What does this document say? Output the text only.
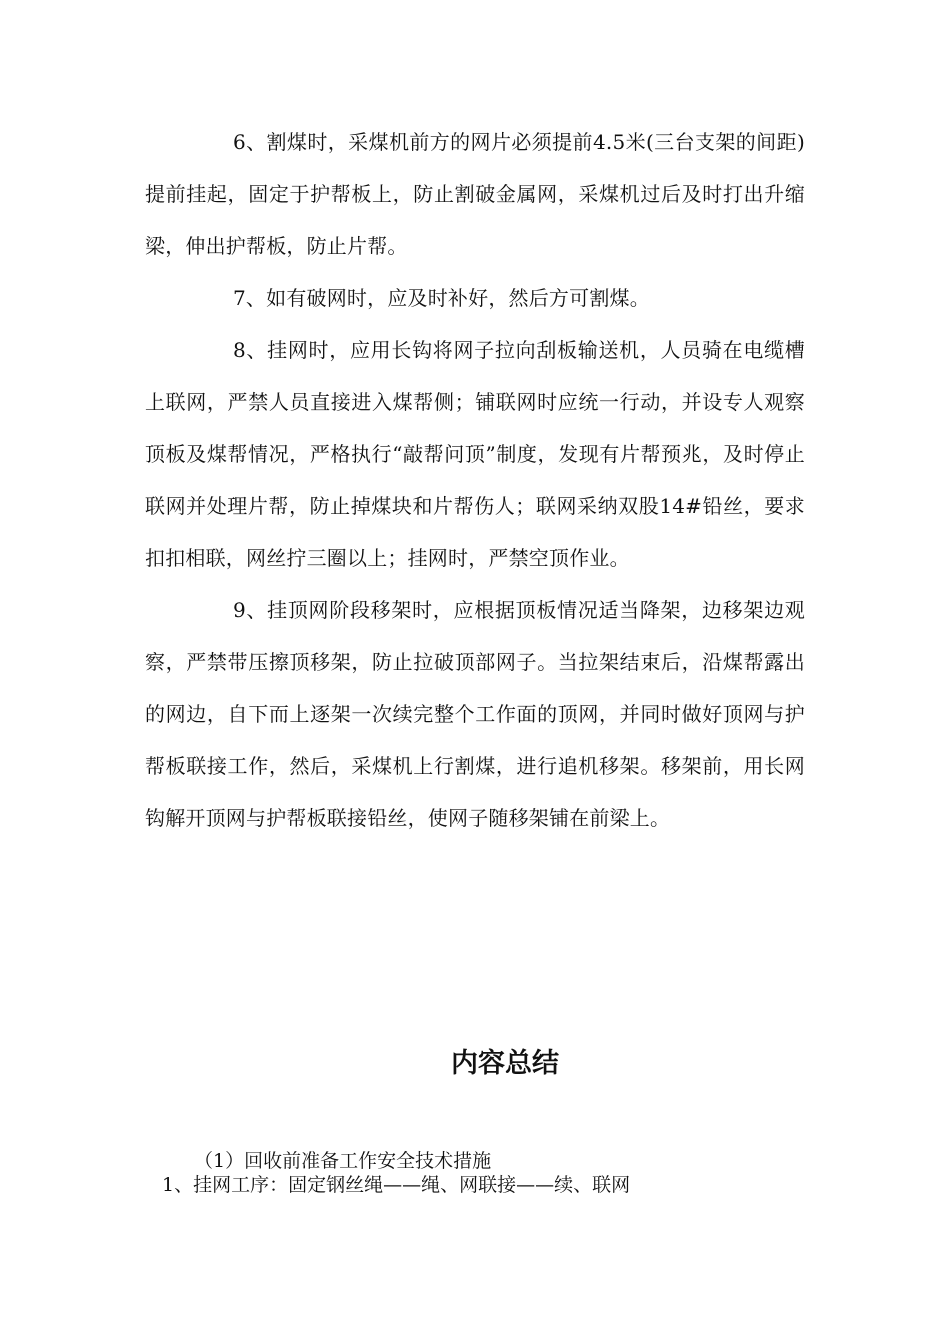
6、割煤时，采煤机前方的网片必须提前4.5米(三台支架的间距)提前挂起，固定于护帮板上，防止割破金属网，采煤机过后及时打出升缩梁，伸出护帮板，防止片帮。

7、如有破网时，应及时补好，然后方可割煤。

8、挂网时，应用长钩将网子拉向刮板输送机，人员骑在电缆槽上联网，严禁人员直接进入煤帮侧；铺联网时应统一行动，并设专人观察顶板及煤帮情况，严格执行“敲帮问顶”制度，发现有片帮预兆，及时停止联网并处理片帮，防止掉煤块和片帮伤人；联网采纳双股14#铅丝，要求扣扣相联，网丝拧三圈以上；挂网时，严禁空顶作业。

9、挂顶网阶段移架时，应根据顶板情况适当降架，边移架边观察，严禁带压擦顶移架，防止拉破顶部网子。当拉架结束后，沿煤帮露出的网边，自下而上逐架一次续完整个工作面的顶网，并同时做好顶网与护帮板联接工作，然后，采煤机上行割煤，进行追机移架。移架前，用长网钩解开顶网与护帮板联接铅丝，使网子随移架铺在前梁上。

内容总结

（1）回收前准备工作安全技术措施

1、挂网工序：固定钢丝绳——绳、网联接——续、联网
